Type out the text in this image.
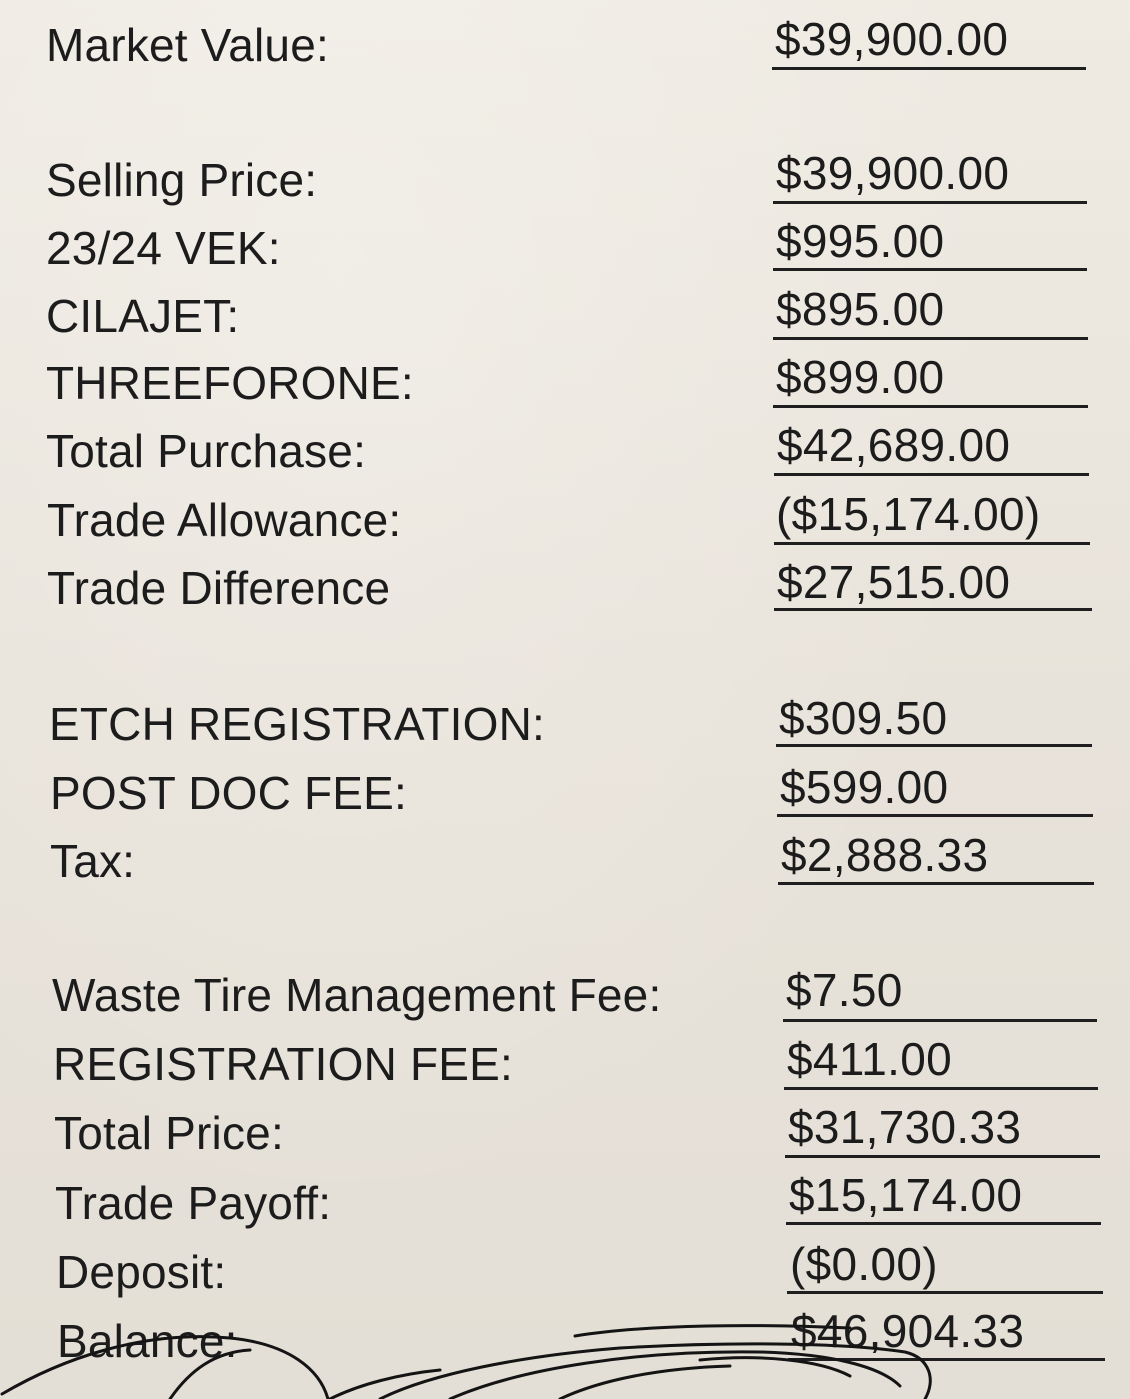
Market Value:	$39,900.00
Selling Price:	$39,900.00
23/24 VEK:	$995.00
CILAJET:	$895.00
THREEFORONE:	$899.00
Total Purchase:	$42,689.00
Trade Allowance:	($15,174.00)
Trade Difference	$27,515.00
ETCH REGISTRATION:	$309.50
POST DOC FEE:	$599.00
Tax:	$2,888.33
Waste Tire Management Fee:	$7.50
REGISTRATION FEE:	$411.00
Total Price:	$31,730.33
Trade Payoff:	$15,174.00
Deposit:	($0.00)
Balance:	$46,904.33
